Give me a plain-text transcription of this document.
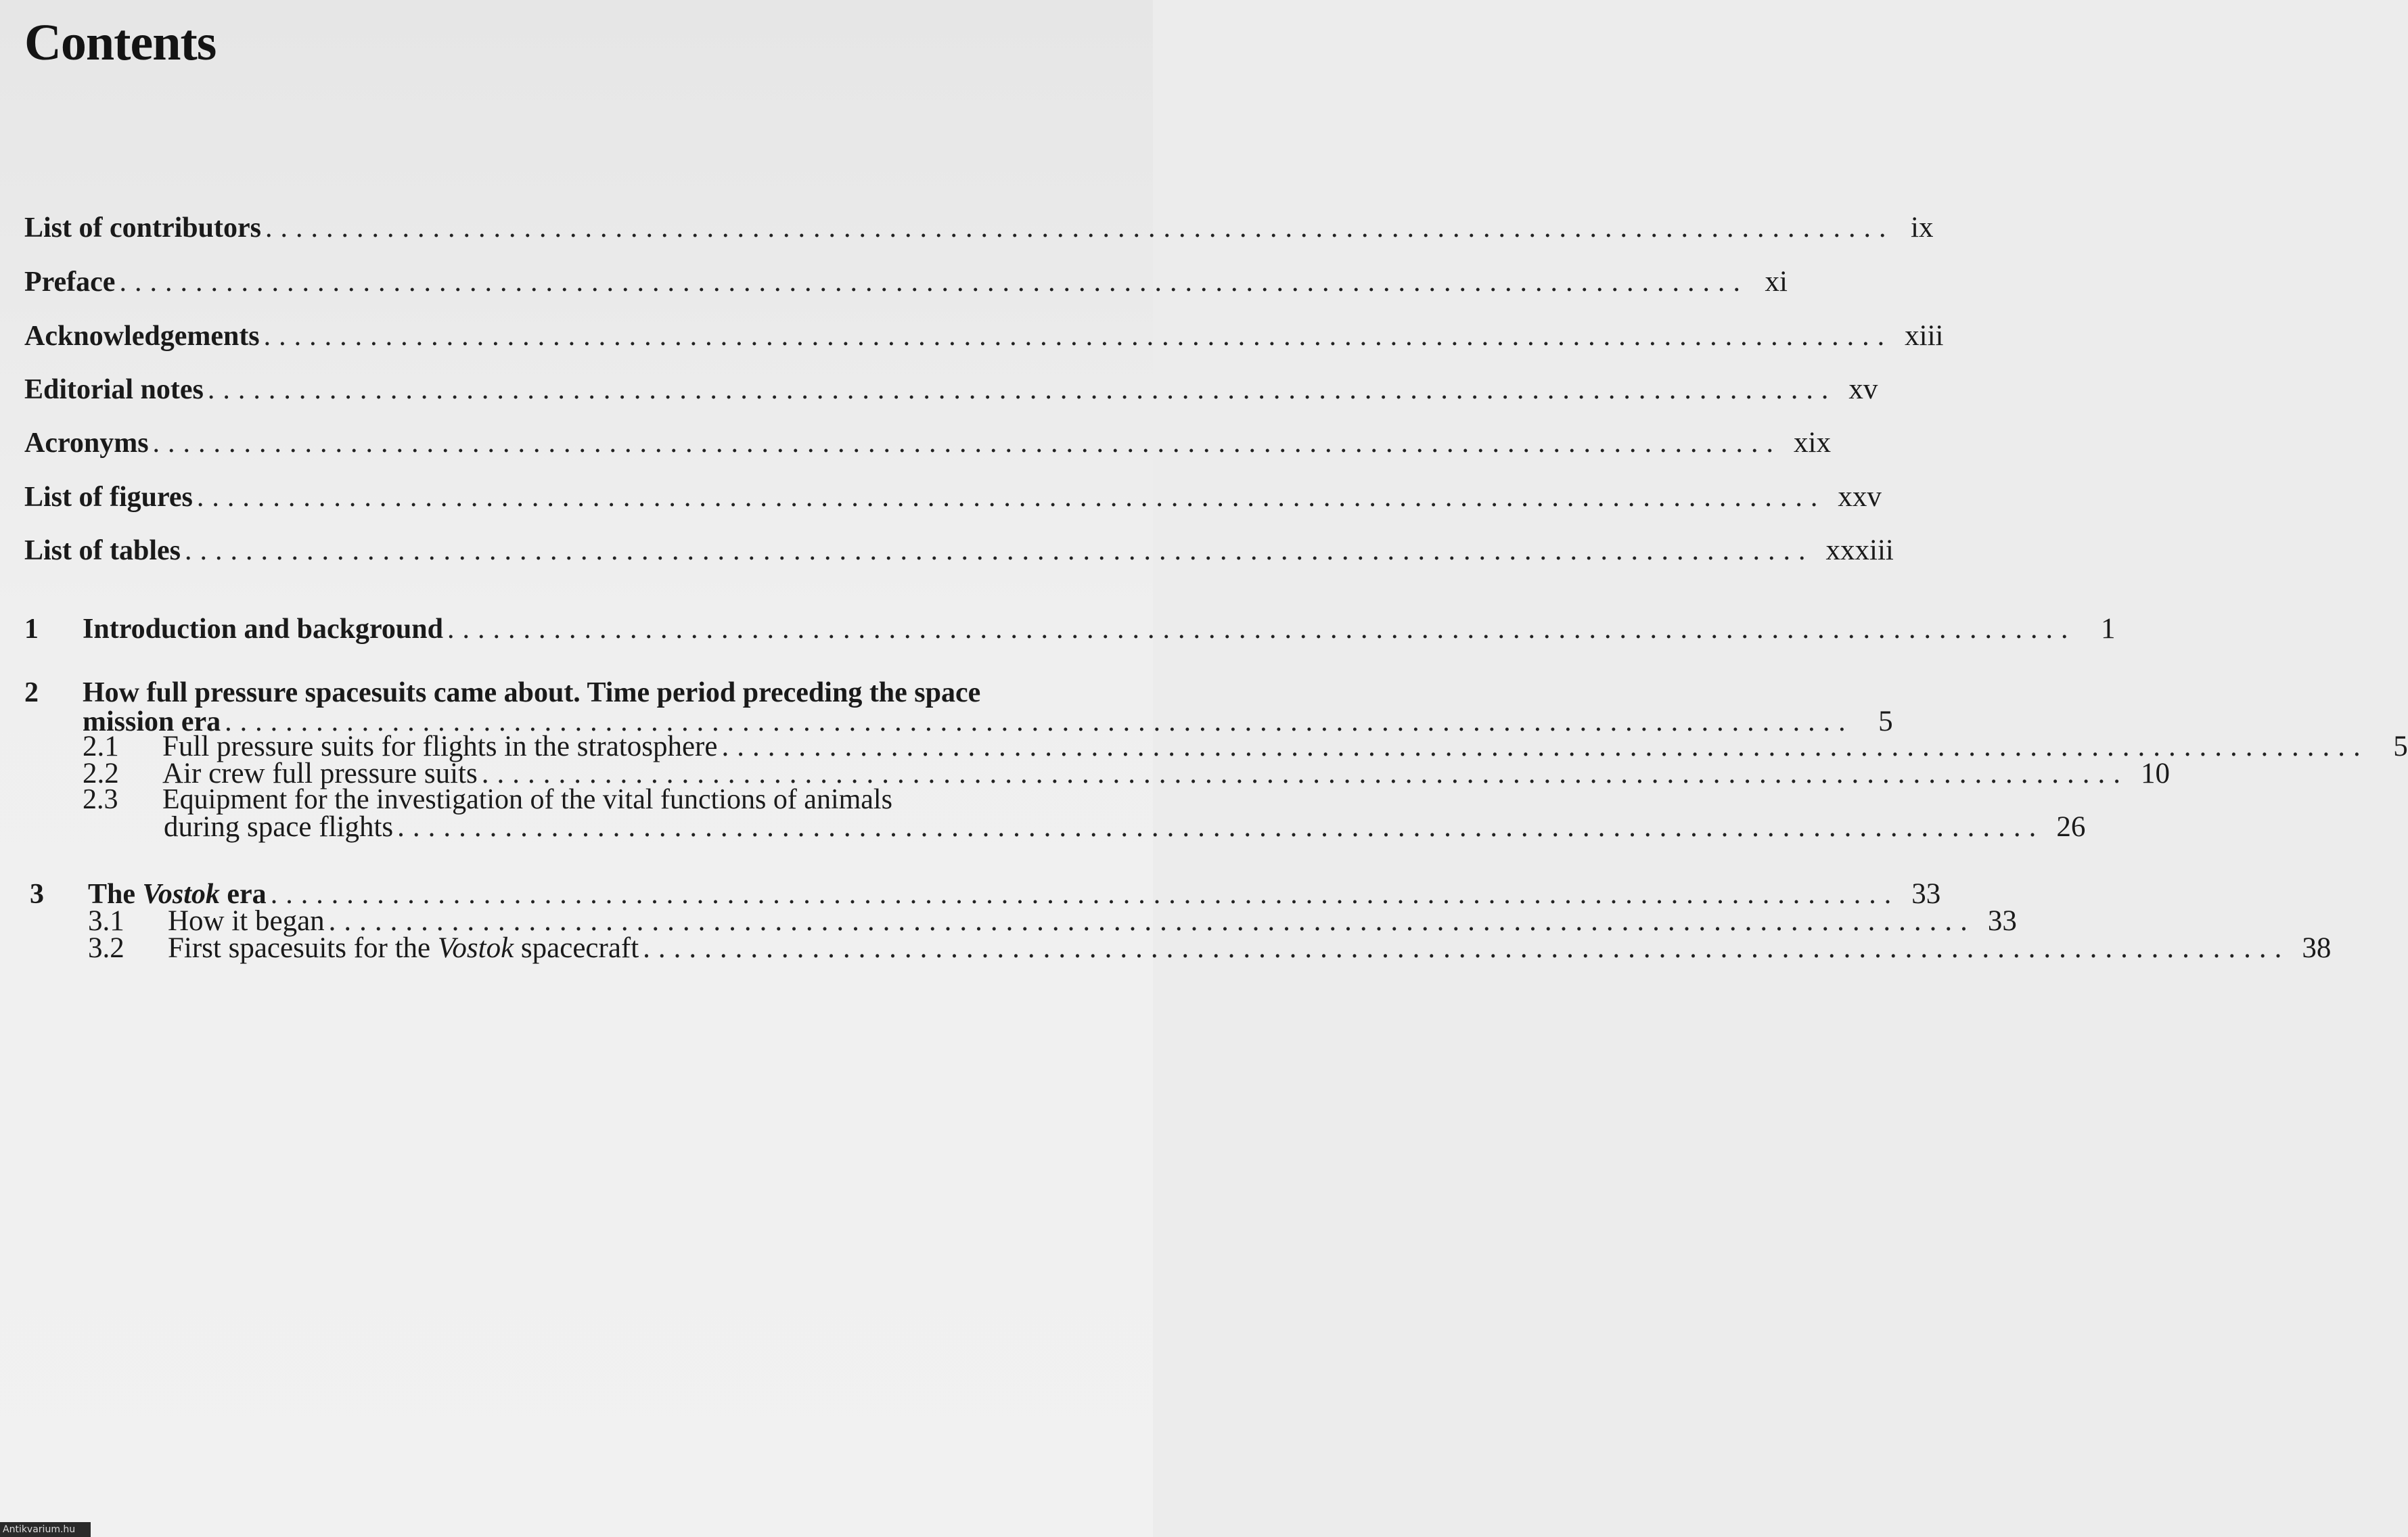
Contents
List of contributors ........................................................................................................... ix
Preface ........................................................................................................... xi
Acknowledgements ........................................................................................................... xiii
Editorial notes ........................................................................................................... xv
Acronyms ........................................................................................................... xix
List of figures ........................................................................................................... xxv
List of tables ........................................................................................................... xxxiii
1 Introduction and background ........................................................................................................... 1
2 How full pressure spacesuits came about. Time period preceding the space
mission era ........................................................................................................... 5
2.1 Full pressure suits for flights in the stratosphere ........................................................................................................... 5
2.2 Air crew full pressure suits ........................................................................................................... 10
2.3 Equipment for the investigation of the vital functions of animals
during space flights ........................................................................................................... 26
3 The Vostok era ........................................................................................................... 33
3.1 How it began ........................................................................................................... 33
3.2 First spacesuits for the Vostok spacecraft ........................................................................................................... 38
Antikvarium.hu
